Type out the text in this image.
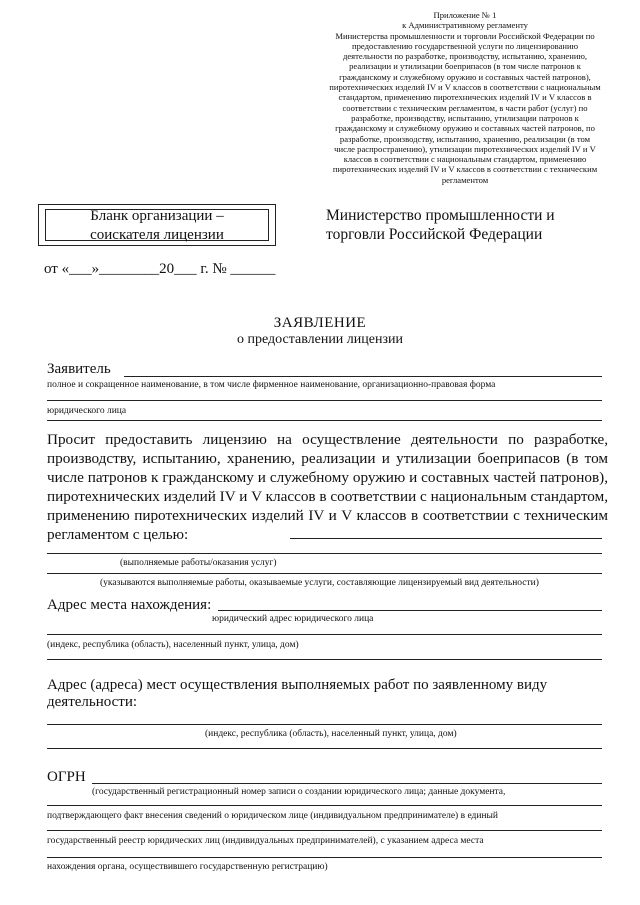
Приложение № 1
к Административному регламенту
Министерства промышленности и торговли Российской Федерации по
предоставлению государственной услуги по лицензированию
деятельности по разработке, производству, испытанию, хранению,
реализации и утилизации боеприпасов (в том числе патронов к
гражданскому и служебному оружию и составных частей патронов),
пиротехнических изделий IV и V классов в соответствии с национальным
стандартом, применению пиротехнических изделий IV и V классов в
соответствии с техническим регламентом, в части работ (услуг) по
разработке, производству, испытанию, утилизации патронов к
гражданскому и служебному оружию и составных частей патронов, по
разработке, производству, испытанию, хранению, реализации (в том
числе распространению), утилизации пиротехнических изделий IV и V
классов в соответствии с национальным стандартом, применению
пиротехнических изделий IV и V классов в соответствии с техническим
регламентом
Бланк организации –
соискателя лицензии
Министерство промышленности и
торговли Российской Федерации
от «___»________20___ г. № ______
ЗАЯВЛЕНИЕ
о предоставлении лицензии
Заявитель
полное и сокращенное наименование, в том числе фирменное наименование, организационно-правовая форма
юридического лица
Просит предоставить лицензию на осуществление деятельности по разработке, производству, испытанию, хранению, реализации и утилизации боеприпасов (в том числе патронов к гражданскому и служебному оружию и составных частей патронов), пиротехнических изделий IV и V классов в соответствии с национальным стандартом, применению пиротехнических изделий IV и V классов в соответствии с техническим регламентом с целью:
(выполняемые работы/оказания услуг)
(указываются выполняемые работы, оказываемые услуги, составляющие лицензируемый вид деятельности)
Адрес места нахождения:
юридический адрес юридического лица
(индекс, республика (область), населенный пункт, улица, дом)
Адрес (адреса) мест осуществления выполняемых работ по заявленному виду
деятельности:
(индекс, республика (область), населенный пункт, улица, дом)
ОГРН
(государственный регистрационный номер записи о создании юридического лица; данные документа,
подтверждающего факт внесения сведений о юридическом лице (индивидуальном предпринимателе) в единый
государственный реестр юридических лиц (индивидуальных предпринимателей), с указанием адреса места
нахождения органа, осуществившего государственную регистрацию)
